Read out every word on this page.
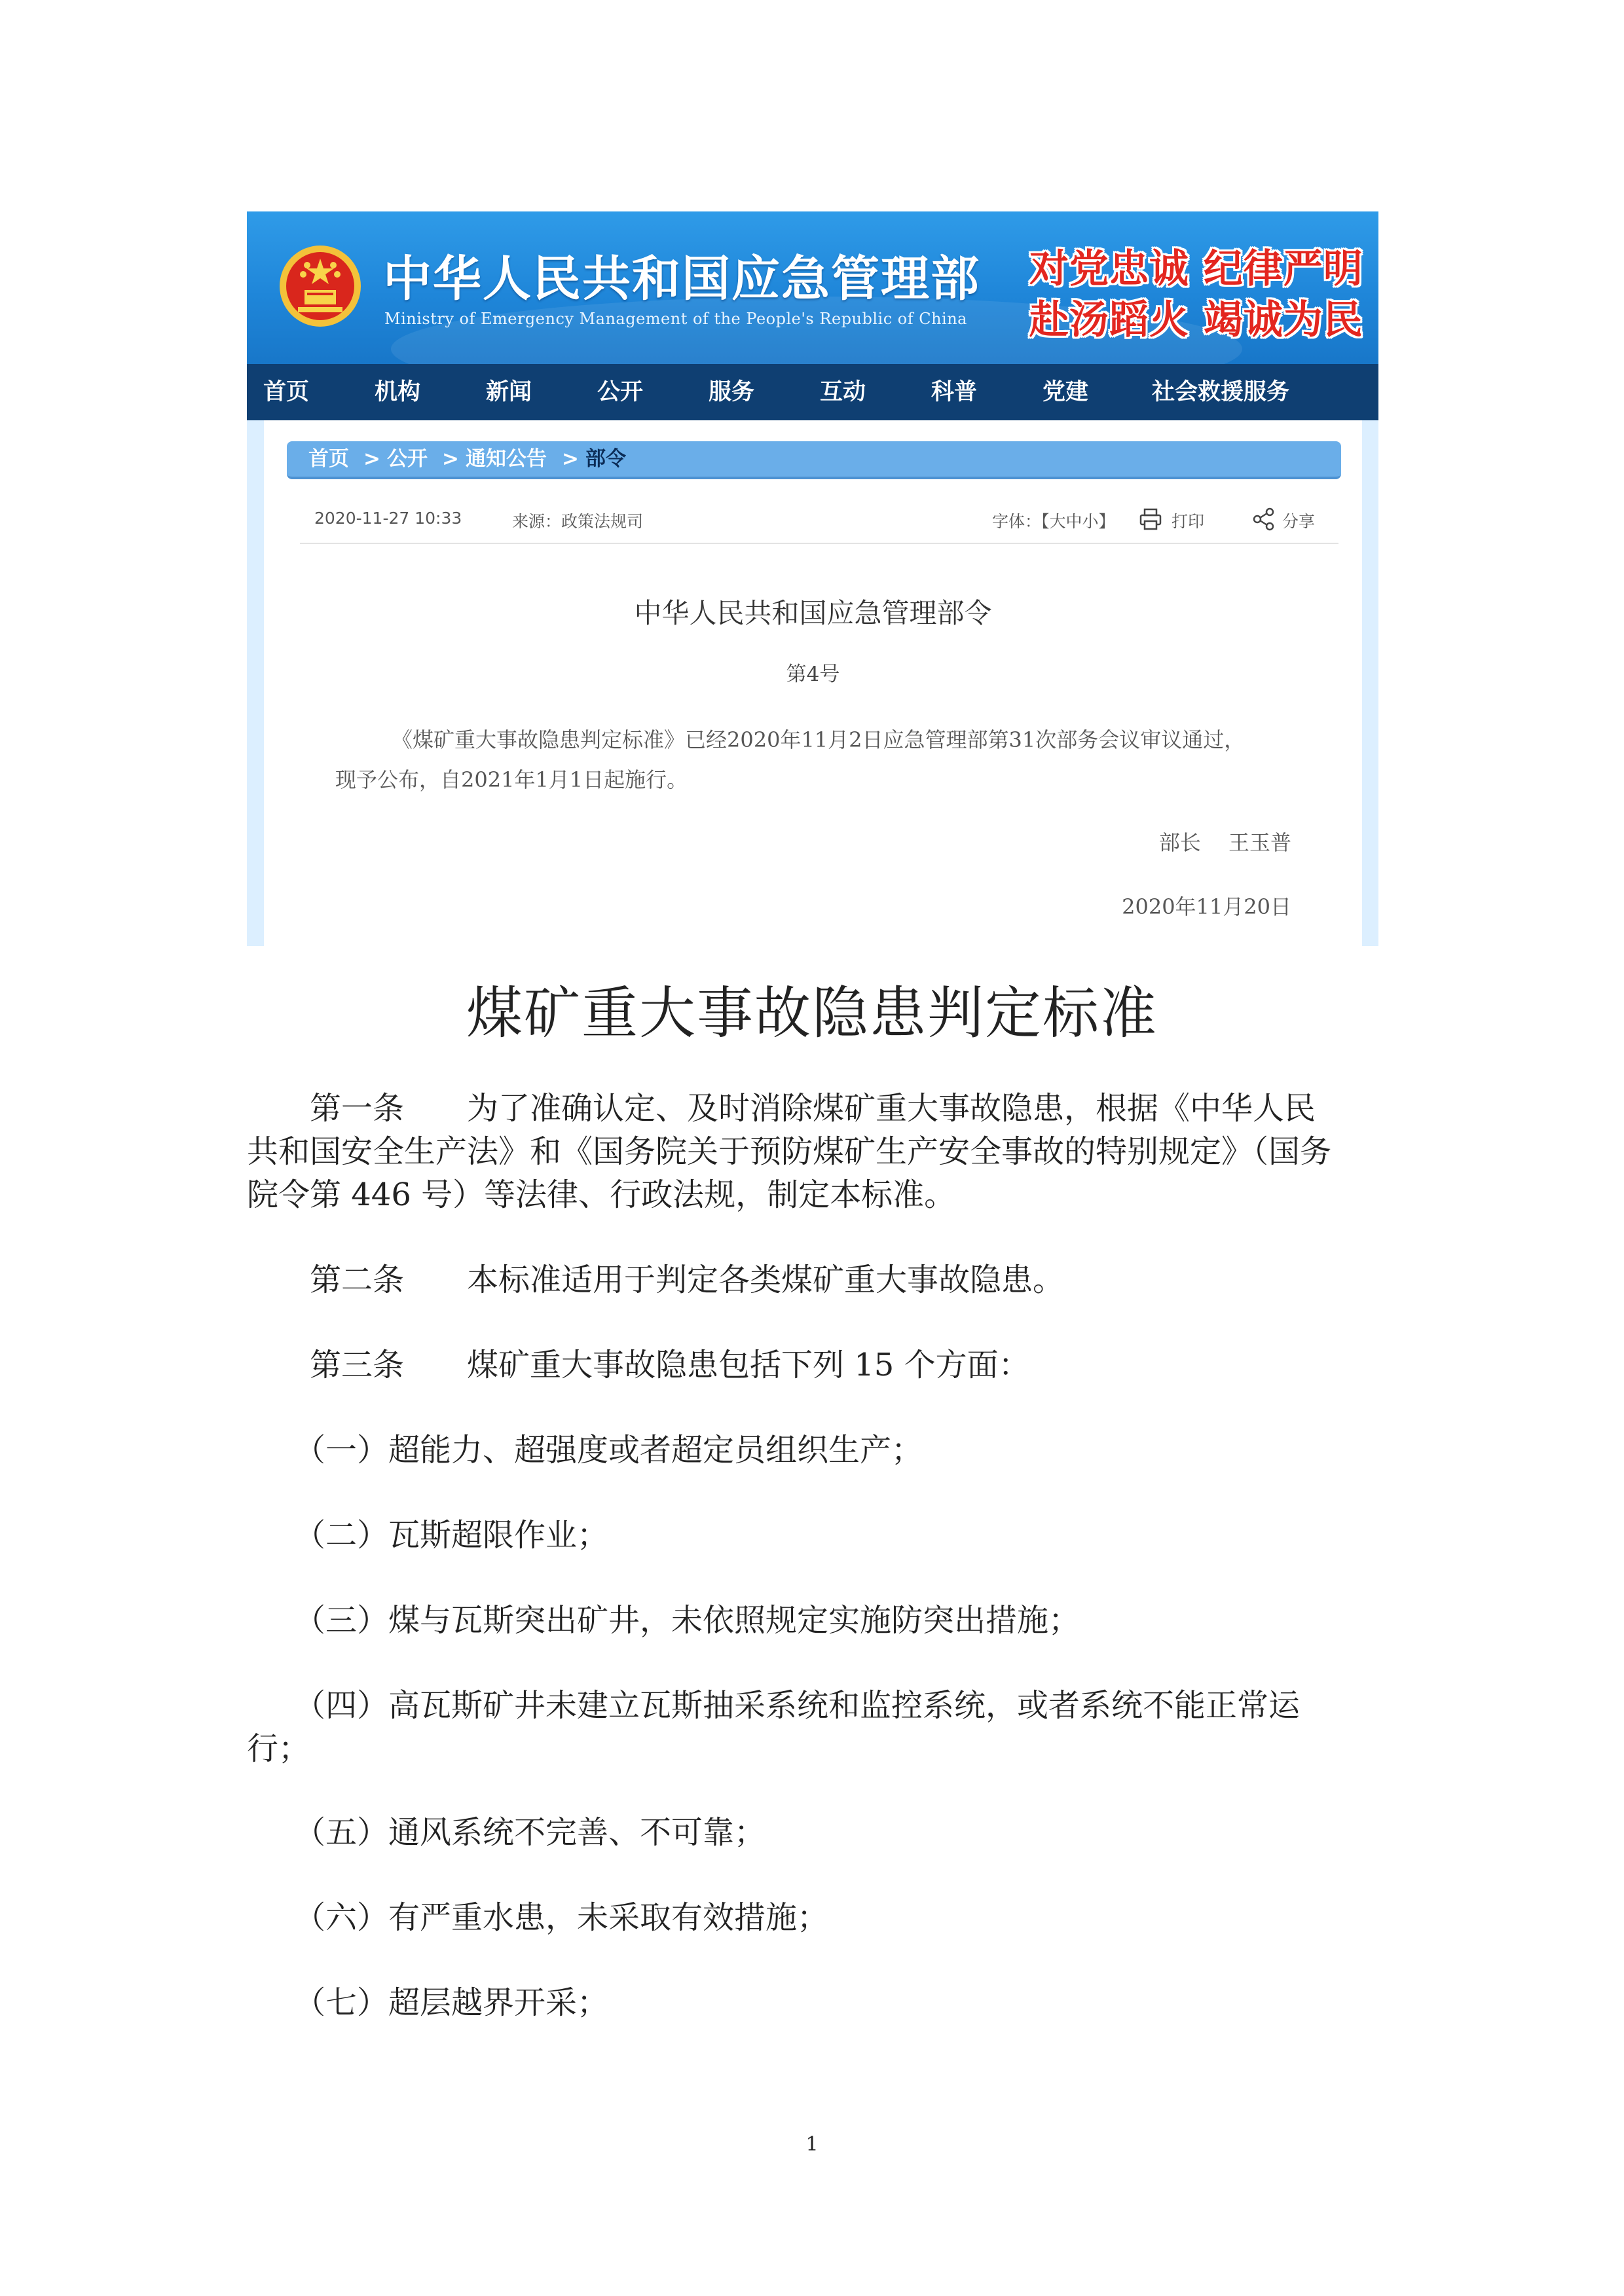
中华人民共和国应急管理部
Ministry of Emergency Management of the People's Republic of China
对党忠诚 纪律严明
赴汤蹈火 竭诚为民
首页	机构	新闻	公开	服务	互动	科普	党建	社会救援服务
首页 > 公开 > 通知公告 > 部令
2020-11-27 10:33	来源：政策法规司	字体：【大中小】	打印	分享
中华人民共和国应急管理部令
第4号
《煤矿重大事故隐患判定标准》已经2020年11月2日应急管理部第31次部务会议审议通过，
现予公布，自2021年1月1日起施行。
部长　 王玉普
2020年11月20日
煤矿重大事故隐患判定标准
　　第一条　　为了准确认定、及时消除煤矿重大事故隐患，根据《中华人民
共和国安全生产法》和《国务院关于预防煤矿生产安全事故的特别规定》（国务
院令第 446 号）等法律、行政法规，制定本标准。
　　第二条　　本标准适用于判定各类煤矿重大事故隐患。
　　第三条　　煤矿重大事故隐患包括下列 15 个方面：
　　（一）超能力、超强度或者超定员组织生产；
　　（二）瓦斯超限作业；
　　（三）煤与瓦斯突出矿井，未依照规定实施防突出措施；
　　（四）高瓦斯矿井未建立瓦斯抽采系统和监控系统，或者系统不能正常运
行；
　　（五）通风系统不完善、不可靠；
　　（六）有严重水患，未采取有效措施；
　　（七）超层越界开采；
1
